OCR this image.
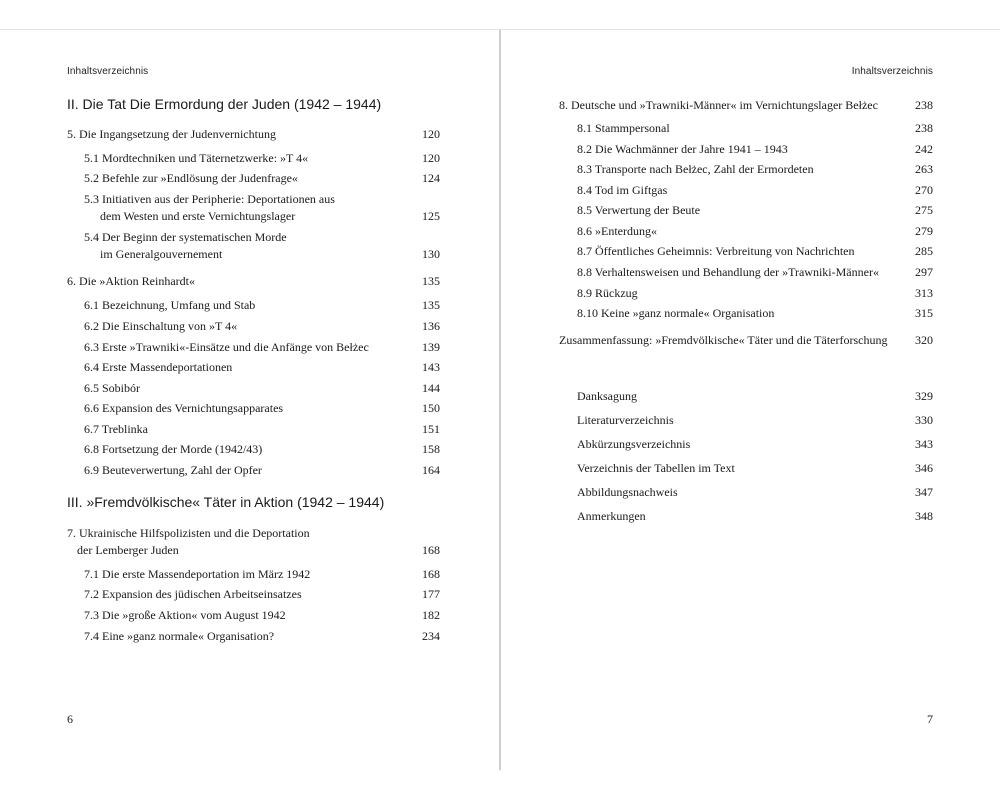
Inhaltsverzeichnis
II. Die Tat Die Ermordung der Juden (1942 – 1944)
5. Die Ingangsetzung der Judenvernichtung	120
5.1 Mordtechniken und Täternetzwerke: »T 4«	120
5.2 Befehle zur »Endlösung der Judenfrage«	124
5.3 Initiativen aus der Peripherie: Deportationen aus
dem Westen und erste Vernichtungslager	125
5.4 Der Beginn der systematischen Morde
im Generalgouvernement	130
6. Die »Aktion Reinhardt«	135
6.1 Bezeichnung, Umfang und Stab	135
6.2 Die Einschaltung von »T 4«	136
6.3 Erste »Trawniki«-Einsätze und die Anfänge von Bełżec	139
6.4 Erste Massendeportationen	143
6.5 Sobibór	144
6.6 Expansion des Vernichtungsapparates	150
6.7 Treblinka	151
6.8 Fortsetzung der Morde (1942/43)	158
6.9 Beuteverwertung, Zahl der Opfer	164
III. »Fremdvölkische« Täter in Aktion (1942 – 1944)
7. Ukrainische Hilfspolizisten und die Deportation
der Lemberger Juden	168
7.1 Die erste Massendeportation im März 1942	168
7.2 Expansion des jüdischen Arbeitseinsatzes	177
7.3 Die »große Aktion« vom August 1942	182
7.4 Eine »ganz normale« Organisation?	234
6
Inhaltsverzeichnis
8. Deutsche und »Trawniki-Männer« im Vernichtungslager Bełżec	238
8.1 Stammpersonal	238
8.2 Die Wachmänner der Jahre 1941 – 1943	242
8.3 Transporte nach Bełżec, Zahl der Ermordeten	263
8.4 Tod im Giftgas	270
8.5 Verwertung der Beute	275
8.6 »Enterdung«	279
8.7 Öffentliches Geheimnis: Verbreitung von Nachrichten	285
8.8 Verhaltensweisen und Behandlung der »Trawniki-Männer«	297
8.9 Rückzug	313
8.10 Keine »ganz normale« Organisation	315
Zusammenfassung: »Fremdvölkische« Täter und die Täterforschung	320
Danksagung	329
Literaturverzeichnis	330
Abkürzungsverzeichnis	343
Verzeichnis der Tabellen im Text	346
Abbildungsnachweis	347
Anmerkungen	348
7
